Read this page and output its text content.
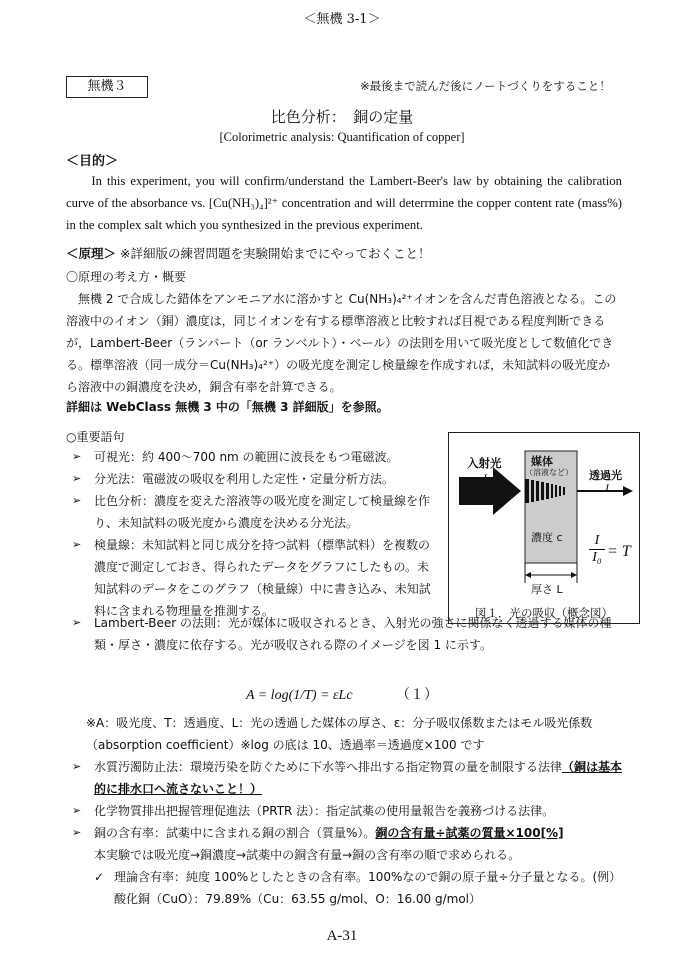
＜無機 3-1＞
無機３	※最後まで読んだ後にノートづくりをすること！
比色分析：　銅の定量
[Colorimetric analysis: Quantification of copper]
＜目的＞
In this experiment, you will confirm/understand the Lambert-Beer's law by obtaining the calibration curve of the absorbance vs. [Cu(NH₃)₄]²⁺ concentration and will deterrmine the copper content rate (mass%) in the complex salt which you synthesized in the previous experiment.
＜原理＞ ※詳細版の練習問題を実験開始までにやっておくこと！
〇原理の考え方・概要
無機 2 で合成した錯体をアンモニア水に溶かすと Cu(NH₃)₄²⁺イオンを含んだ青色溶液となる。この溶液中のイオン（銅）濃度は，同じイオンを有する標準溶液と比較すれば目視である程度判断できるが，Lambert-Beer（ランバート（or ランベルト）・ベール）の法則を用いて吸光度として数値化できる。標準溶液（同一成分＝Cu(NH₃)₄²⁺）の吸光度を測定し検量線を作成すれば，未知試料の吸光度から溶液中の銅濃度を決め，銅含有率を計算できる。
詳細は WebClass 無機 3 中の「無機 3 詳細版」を参照。
○重要語句
➢ 可視光：約 400〜700 nm の範囲に波長をもつ電磁波。
➢ 分光法：電磁波の吸収を利用した定性・定量分析方法。
➢ 比色分析：濃度を変えた溶液等の吸光度を測定して検量線を作り、未知試料の吸光度から濃度を決める分光法。
➢ 検量線：未知試料と同じ成分を持つ試料（標準試料）を複数の濃度で測定しておき、得られたデータをグラフにしたもの。未知試料のデータをこのグラフ（検量線）中に書き込み、未知試料に含まれる物理量を推測する。
➢ Lambert-Beer の法則：光が媒体に吸収されるとき、入射光の強さに関係なく透過する媒体の種類・厚さ・濃度に依存する。光が吸収される際のイメージを図 1 に示す。
入射光
I₀
媒体
（溶液など） 透過光
I
濃度 c
厚さ L
$\frac{I}{\text{I₀}} = T$
図１．光の吸収（概念図）
A = log(1/T) = εLc	（１）
※A：吸光度、T：透過度、L：光の透過した媒体の厚さ、ε：分子吸収係数またはモル吸光係数（absorption coefficient）※log の底は 10、透過率＝透過度×100 です
➢ 水質汚濁防止法：環境汚染を防ぐために下水等へ排出する指定物質の量を制限する法律（銅は基本的に排水口へ流さないこと！）
➢ 化学物質排出把握管理促進法（PRTR 法）：指定試薬の使用量報告を義務づける法律。
➢ 銅の含有率：試薬中に含まれる銅の割合（質量%）。銅の含有量÷試薬の質量×100[%]
本実験では吸光度→銅濃度→試薬中の銅含有量→銅の含有率の順で求められる。
✓ 理論含有率：純度 100%としたときの含有率。100%なので銅の原子量÷分子量となる。(例）酸化銅（CuO）：79.89%（Cu：63.55 g/mol、O：16.00 g/mol）
A-31
